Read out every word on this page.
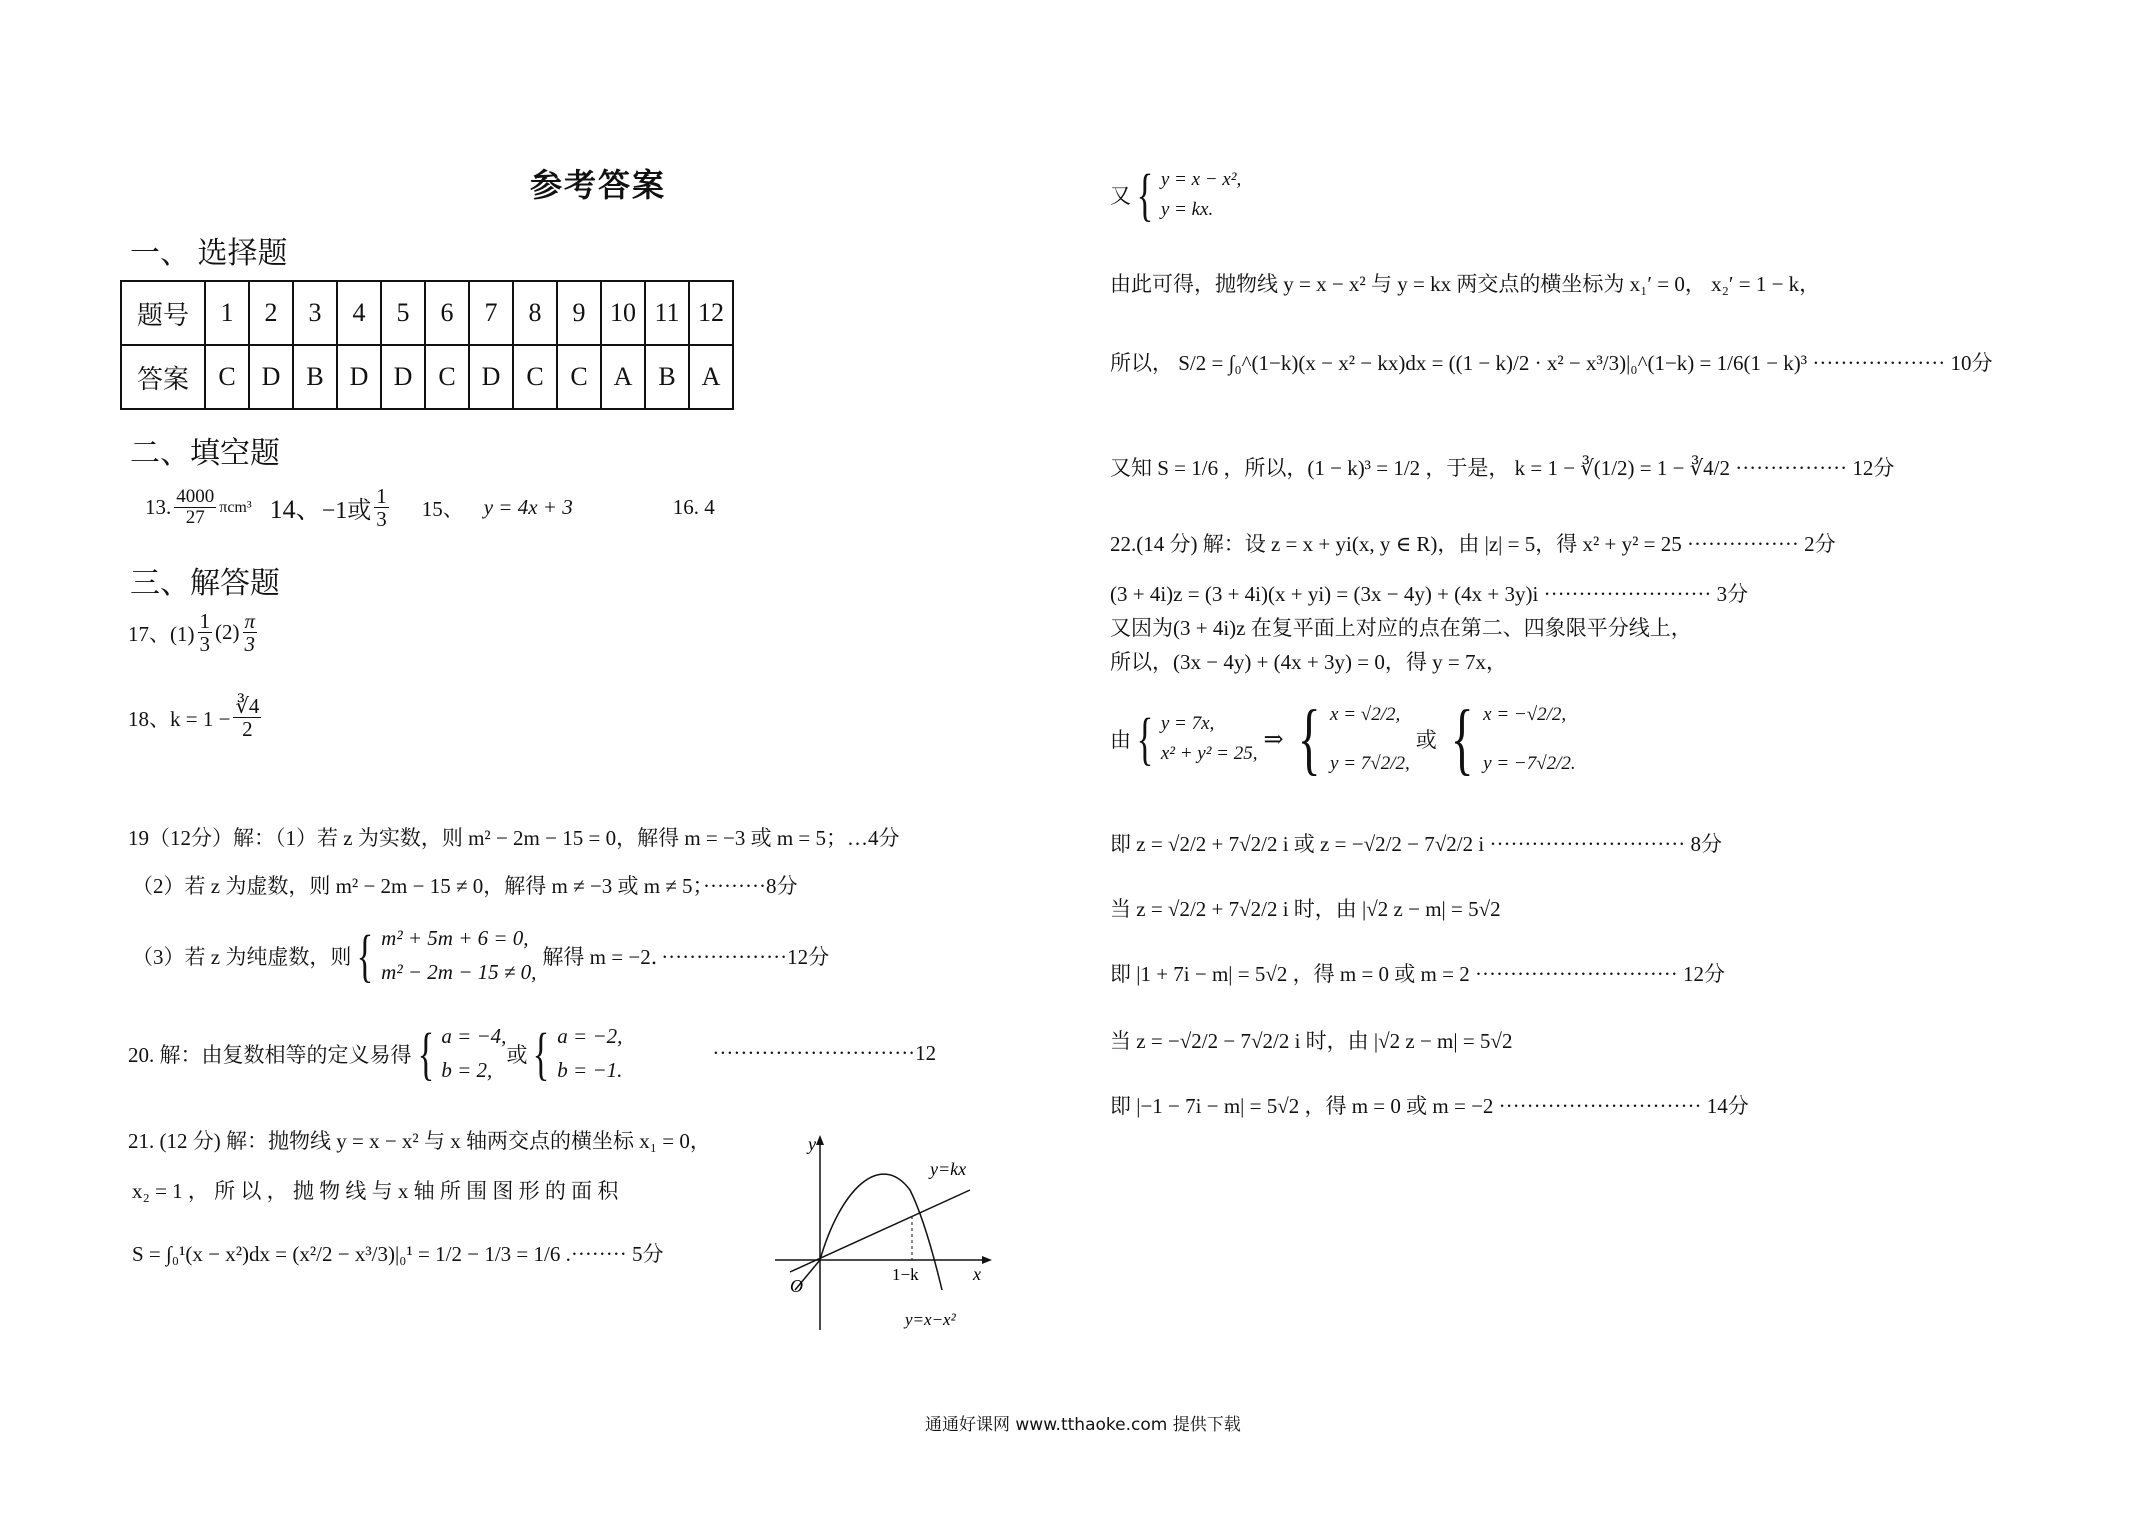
参考答案
一、 选择题
题号	1	2	3	4	5	6	7	8	9	10	11	12
答案	C	D	B	D	D	C	D	C	C	A	B	A
二、填空题
13. $\frac{4000}{27} \pi cm^3$ 14、 −1或 $\frac{1}{3} 15$、 y = 4x + 3	16. 4
三、解答题
17、$(1) \frac{1}{3} (2) \frac{\pi}{3}$
18、$k = 1 - \frac{∛4}{2}$
19（12分）解：（1）若 z 为实数，则 m² − 2m − 15 = 0，解得 m = −3 或 m = 5；…4分
（2）若 z 为虚数，则 m² − 2m − 15 ≠ 0，解得 m ≠ −3 或 m ≠ 5；·········8分
（3）若 z 为纯虚数，则 { m² + 5m + 6 = 0,
m² − 2m − 15 ≠ 0,
解得 m = −2．··················12分
20. 解：由复数相等的定义易得 { a = −4,
b = 2,
或 { a = −2,
b = −1.
·····························12
21. (12 分) 解：抛物线 y = x − x² 与 x 轴两交点的横坐标 x₁ = 0，
x₂ = 1 ， 所 以 ， 抛 物 线 与 x 轴 所 围 图 形 的 面 积
S = ∫₀¹(x − x²)dx = (x²/2 − x³/3)|₀¹ = 1/2 − 1/3 = 1/6 .········ 5分
y
x
O
y=kx
1−k
y=x−x²
又 { y = x − x²,
y = kx.
由此可得，抛物线 y = x − x² 与 y = kx 两交点的横坐标为 x₁′ = 0， x₂′ = 1 − k，
所以， S/2 = ∫₀^(1−k)(x − x² − kx)dx = ((1 − k)/2 · x² − x³/3)|₀^(1−k) = 1/6(1 − k)³ ··················· 10分
又知 S = 1/6 ，所以，(1 − k)³ = 1/2 ，于是， k = 1 − ∛(1/2) = 1 − ∛4/2 ················ 12分
22.(14 分) 解：设 z = x + yi(x, y ∈ R)，由 |z| = 5，得 x² + y² = 25 ················ 2分
(3 + 4i)z = (3 + 4i)(x + yi) = (3x − 4y) + (4x + 3y)i ························ 3分
又因为(3 + 4i)z 在复平面上对应的点在第二、四象限平分线上，
所以，(3x − 4y) + (4x + 3y) = 0，得 y = 7x，
由 { y = 7x,
x² + y² = 25,
⇒ { x = √2/2,
y = 7√2/2,
或 { x = −√2/2,
y = −7√2/2.
即 z = √2/2 + 7√2/2 i 或 z = −√2/2 − 7√2/2 i ···························· 8分
当 z = √2/2 + 7√2/2 i 时，由 |√2 z − m| = 5√2
即 |1 + 7i − m| = 5√2 ，得 m = 0 或 m = 2 ····························· 12分
当 z = −√2/2 − 7√2/2 i 时，由 |√2 z − m| = 5√2
即 |−1 − 7i − m| = 5√2 ，得 m = 0 或 m = −2 ····························· 14分
通通好课网 www.tthaoke.com 提供下载
